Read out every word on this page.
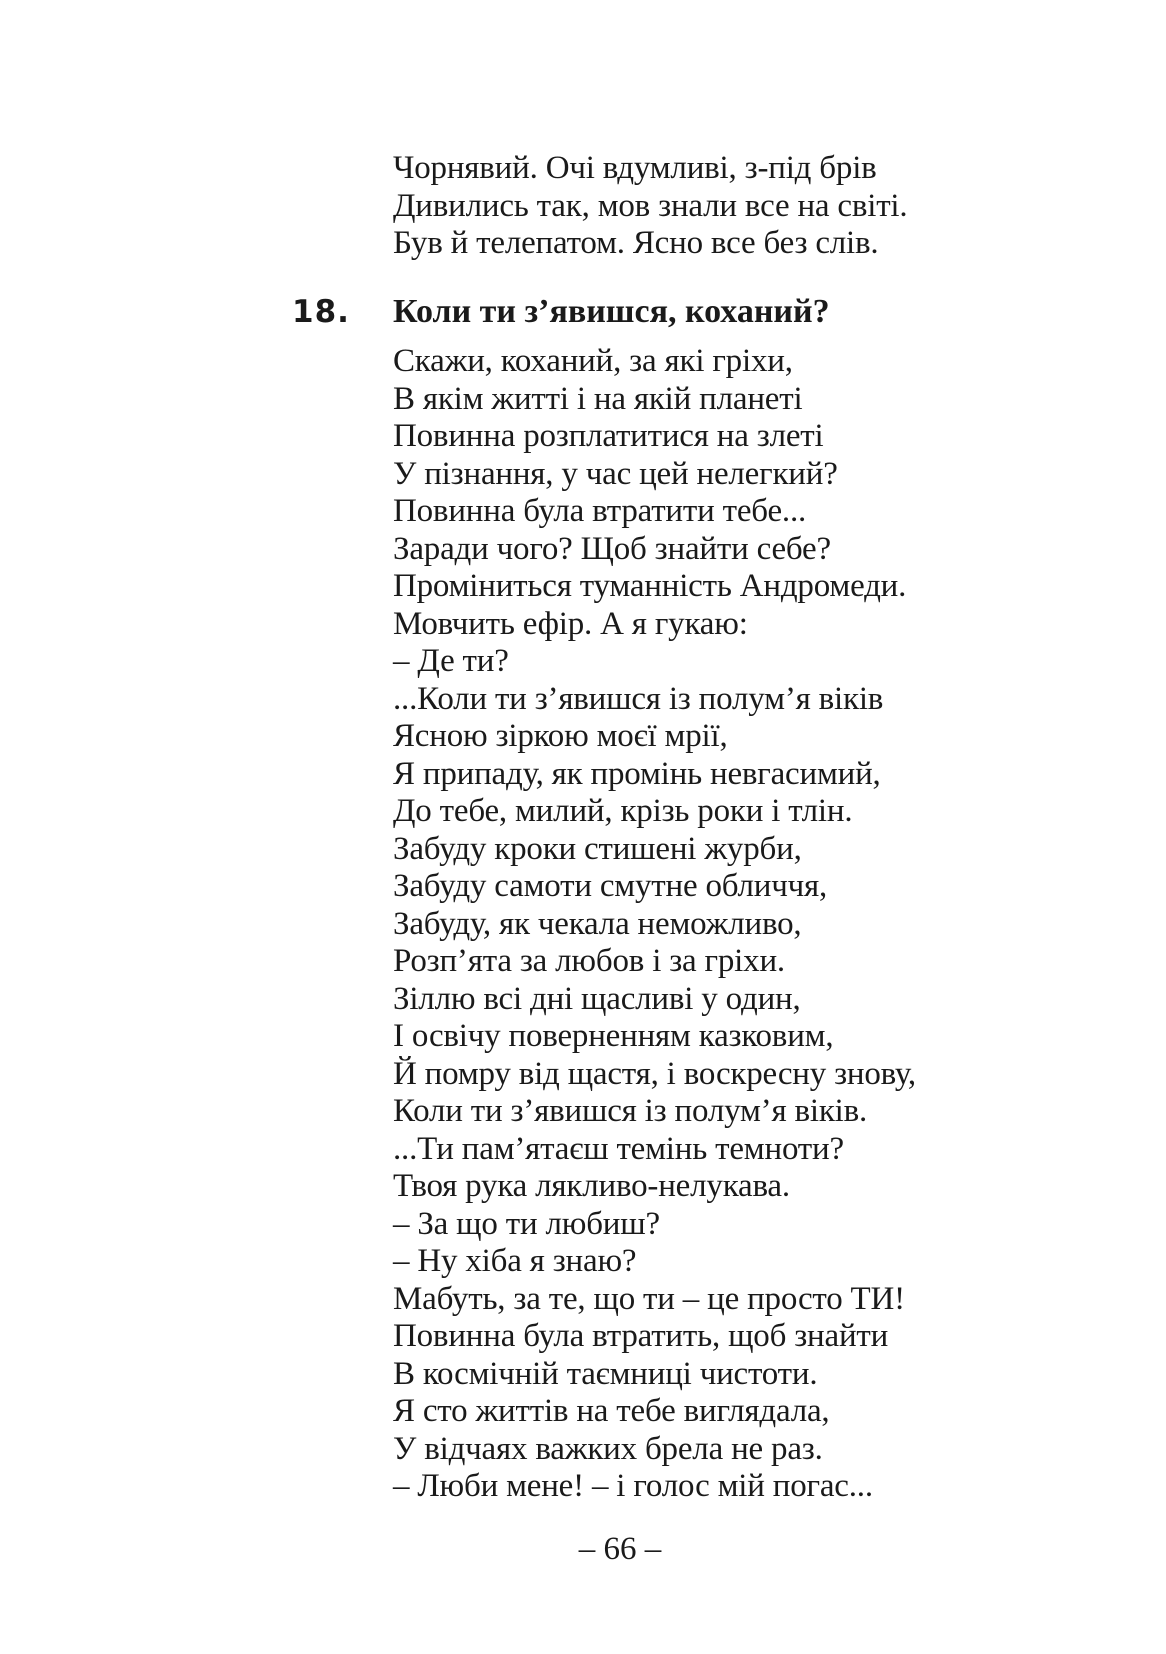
Чорнявий. Очі вдумливі, з-під брів
Дивились так, мов знали все на світі.
Був й телепатом. Ясно все без слів.
18. Коли ти з’явишся, коханий?
Скажи, коханий, за які гріхи,
В якім житті і на якій планеті
Повинна розплатитися на злеті
У пізнання, у час цей нелегкий?
Повинна була втратити тебе...
Заради чого? Щоб знайти себе?
Проміниться туманність Андромеди.
Мовчить ефір. А я гукаю:
– Де ти?
...Коли ти з’явишся із полум’я віків
Ясною зіркою моєї мрії,
Я припаду, як промінь невгасимий,
До тебе, милий, крізь роки і тлін.
Забуду кроки стишені журби,
Забуду самоти смутне обличчя,
Забуду, як чекала неможливо,
Розп’ята за любов і за гріхи.
Зіллю всі дні щасливі у один,
І освічу поверненням казковим,
Й помру від щастя, і воскресну знову,
Коли ти з’явишся із полум’я віків.
...Ти пам’ятаєш темінь темноти?
Твоя рука лякливо-нелукава.
– За що ти любиш?
– Ну хіба я знаю?
Мабуть, за те, що ти – це просто ТИ!
Повинна була втратить, щоб знайти
В космічній таємниці чистоти.
Я сто життів на тебе виглядала,
У відчаях важких брела не раз.
– Люби мене! – і голос мій погас...
– 66 –
